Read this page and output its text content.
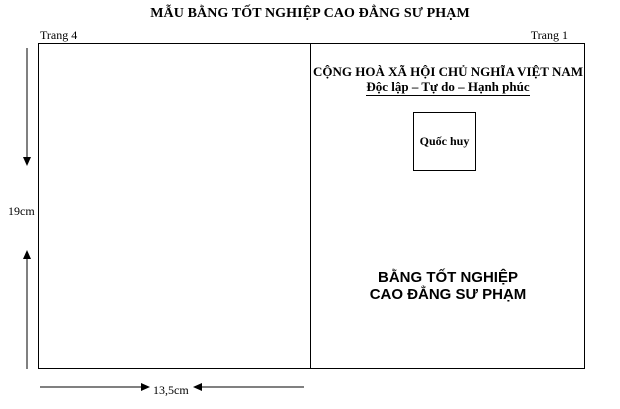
MẪU BẰNG TỐT NGHIỆP CAO ĐẲNG SƯ PHẠM
Trang 4	Trang 1
CỘNG HOÀ XÃ HỘI CHỦ NGHĨA VIỆT NAM
Độc lập – Tự do – Hạnh phúc
Quốc huy
BẰNG TỐT NGHIỆP
CAO ĐẲNG SƯ PHẠM
19cm
13,5cm
